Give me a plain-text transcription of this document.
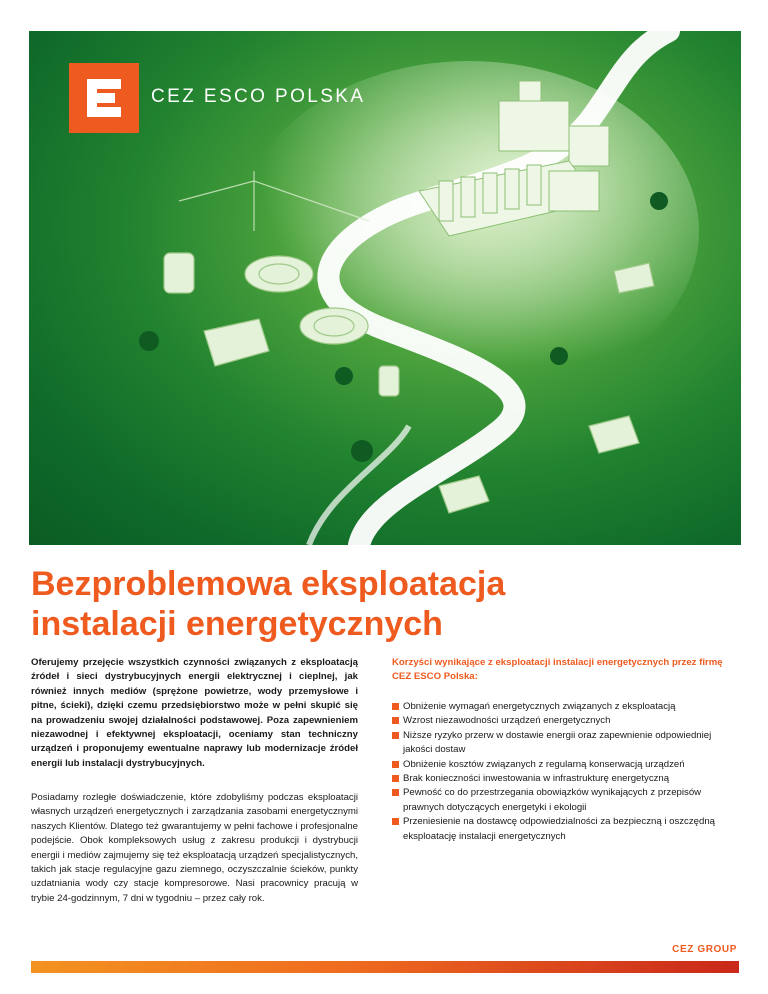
CEZ ESCO POLSKA
Bezproblemowa eksploatacja
instalacji energetycznych

Oferujemy przejęcie wszystkich czynności związanych z eksploatacją źródeł i sieci dystrybucyjnych energii elektrycznej i cieplnej, jak również innych mediów (sprężone powietrze, wody przemysłowe i pitne, ścieki), dzięki czemu przedsiębiorstwo może w pełni skupić się na prowadzeniu swojej działalności podstawowej. Poza zapewnieniem niezawodnej i efektywnej eksploatacji, oceniamy stan techniczny urządzeń i proponujemy ewentualne naprawy lub modernizacje źródeł energii lub instalacji dystrybucyjnych.

Posiadamy rozległe doświadczenie, które zdobyliśmy podczas eksploatacji własnych urządzeń energetycznych i zarządzania zasobami energetycznymi naszych Klientów. Dlatego też gwarantujemy w pełni fachowe i profesjonalne podejście. Obok kompleksowych usług z zakresu produkcji i dystrybucji energii i mediów zajmujemy się też eksploatacją urządzeń specjalistycznych, takich jak stacje regulacyjne gazu ziemnego, oczyszczalnie ścieków, punkty uzdatniania wody czy stacje kompresorowe. Nasi pracownicy pracują w trybie 24-godzinnym, 7 dni w tygodniu – przez cały rok.

Korzyści wynikające z eksploatacji instalacji energetycznych przez firmę CEZ ESCO Polska:

Obniżenie wymagań energetycznych związanych z eksploatacją
Wzrost niezawodności urządzeń energetycznych
Niższe ryzyko przerw w dostawie energii oraz zapewnienie odpowiedniej jakości dostaw
Obniżenie kosztów związanych z regularną konserwacją urządzeń
Brak konieczności inwestowania w infrastrukturę energetyczną
Pewność co do przestrzegania obowiązków wynikających z przepisów prawnych dotyczących energetyki i ekologii
Przeniesienie na dostawcę odpowiedzialności za bezpieczną i oszczędną eksploatację instalacji energetycznych
CEZ GROUP
